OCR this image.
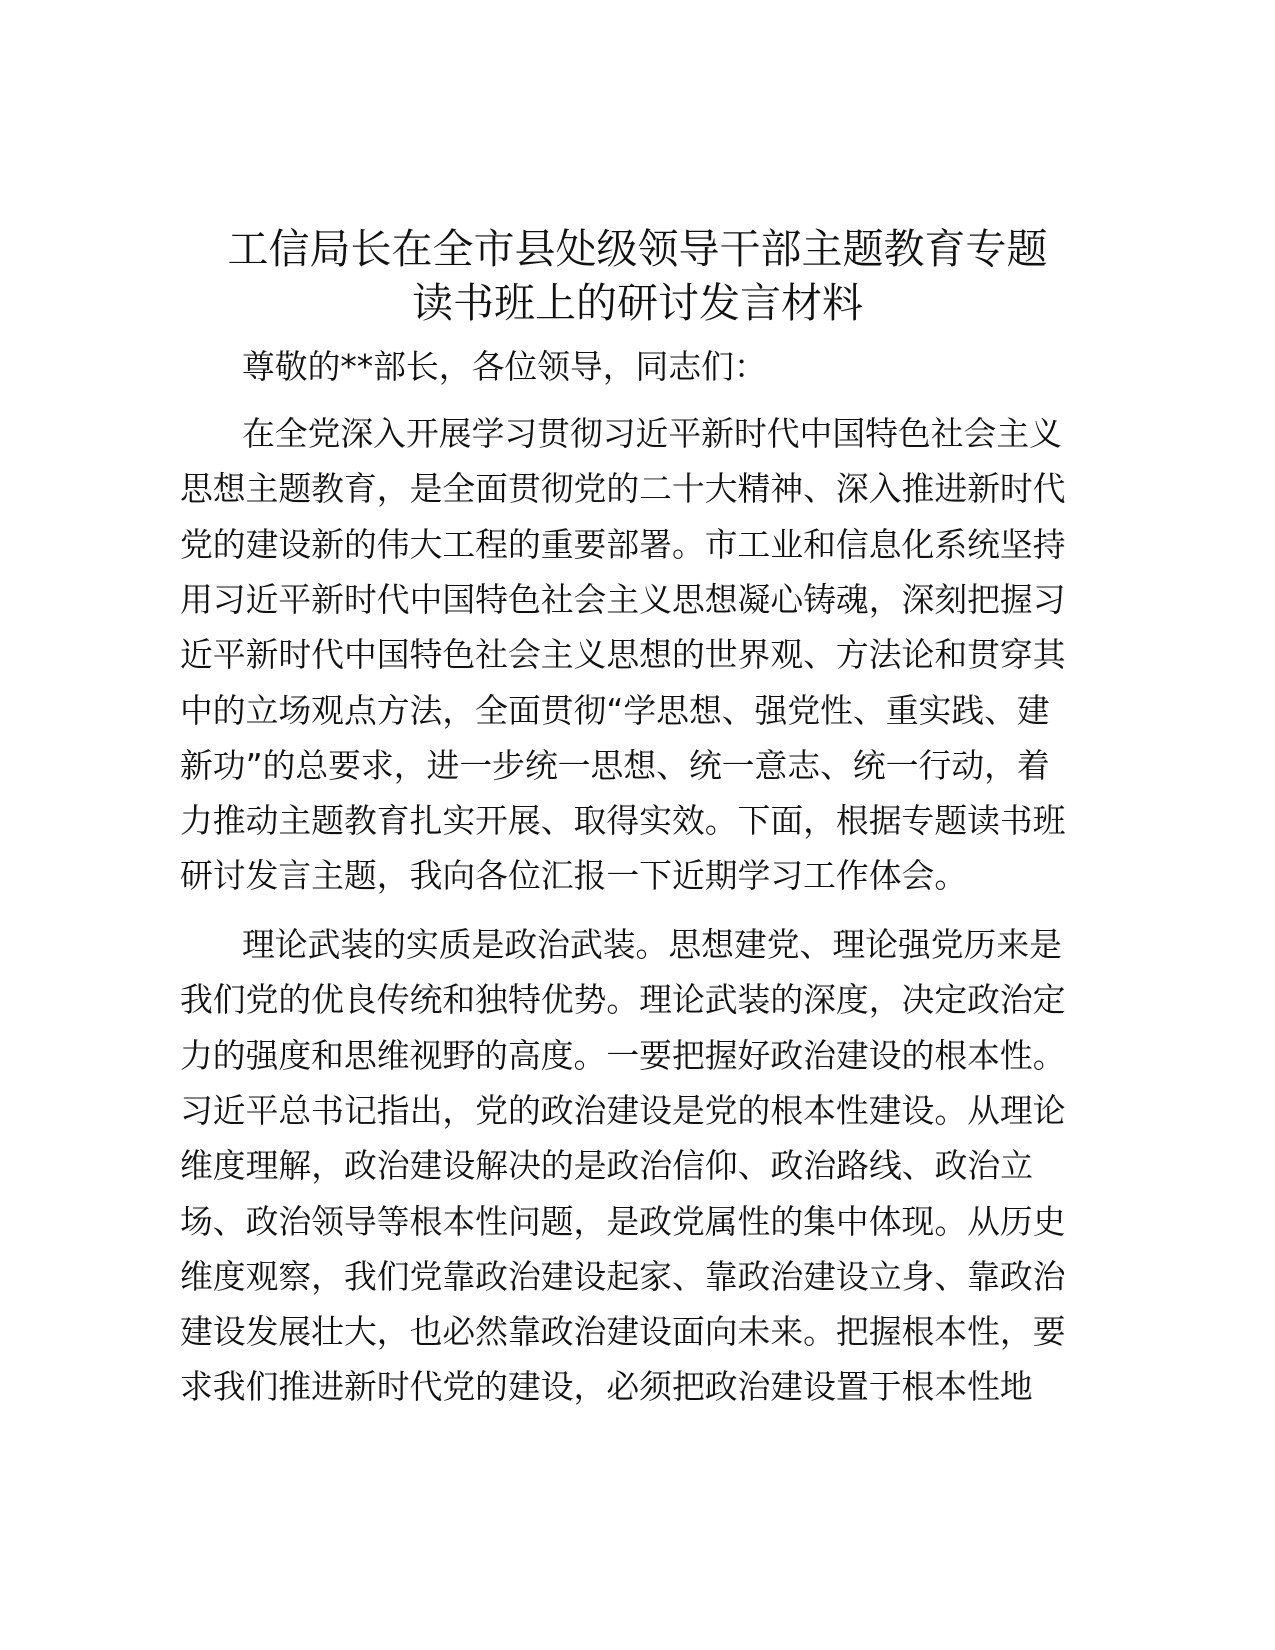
工信局长在全市县处级领导干部主题教育专题
读书班上的研讨发言材料
尊敬的**部长，各位领导，同志们：
在全党深入开展学习贯彻习近平新时代中国特色社会主义
思想主题教育，是全面贯彻党的二十大精神、深入推进新时代
党的建设新的伟大工程的重要部署。市工业和信息化系统坚持
用习近平新时代中国特色社会主义思想凝心铸魂，深刻把握习
近平新时代中国特色社会主义思想的世界观、方法论和贯穿其
中的立场观点方法，全面贯彻“学思想、强党性、重实践、建
新功”的总要求，进一步统一思想、统一意志、统一行动，着
力推动主题教育扎实开展、取得实效。下面，根据专题读书班
研讨发言主题，我向各位汇报一下近期学习工作体会。
理论武装的实质是政治武装。思想建党、理论强党历来是
我们党的优良传统和独特优势。理论武装的深度，决定政治定
力的强度和思维视野的高度。一要把握好政治建设的根本性。
习近平总书记指出，党的政治建设是党的根本性建设。从理论
维度理解，政治建设解决的是政治信仰、政治路线、政治立
场、政治领导等根本性问题，是政党属性的集中体现。从历史
维度观察，我们党靠政治建设起家、靠政治建设立身、靠政治
建设发展壮大，也必然靠政治建设面向未来。把握根本性，要
求我们推进新时代党的建设，必须把政治建设置于根本性地
